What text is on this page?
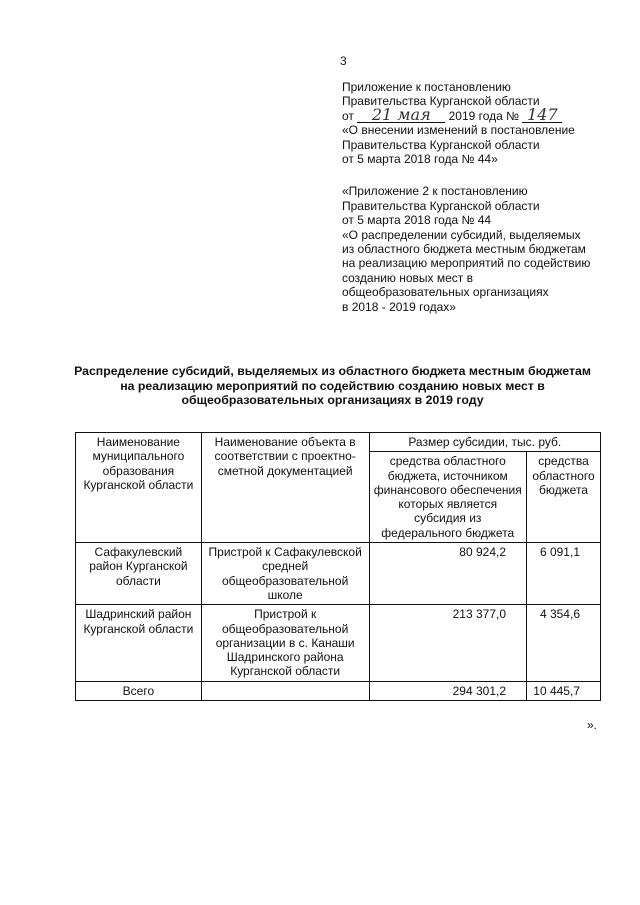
3
Приложение к постановлению
Правительства Курганской области
от 21 мая 2019 года № 147
«О внесении изменений в постановление
Правительства Курганской области
от 5 марта 2018 года № 44»
«Приложение 2 к постановлению
Правительства Курганской области
от 5 марта 2018 года № 44
«О распределении субсидий, выделяемых
из областного бюджета местным бюджетам
на реализацию мероприятий по содействию
созданию новых мест в
общеобразовательных организациях
в 2018 - 2019 годах»
Распределение субсидий, выделяемых из областного бюджета местным бюджетам
на реализацию мероприятий по содействию созданию новых мест в
общеобразовательных организациях в 2019 году
Наименование муниципального образования Курганской области	Наименование объекта в соответствии с проектно-сметной документацией	Размер субсидии, тыс. руб.	
		средства областного бюджета, источником финансового обеспечения которых является субсидия из федерального бюджета	средства областного бюджета
Сафакулевский район Курганской области	Пристрой к Сафакулевской средней общеобразовательной школе	80 924,2	6 091,1
Шадринский район Курганской области	Пристрой к общеобразовательной организации в с. Канаши Шадринского района Курганской области	213 377,0	4 354,6
Всего		294 301,2	10 445,7
».
